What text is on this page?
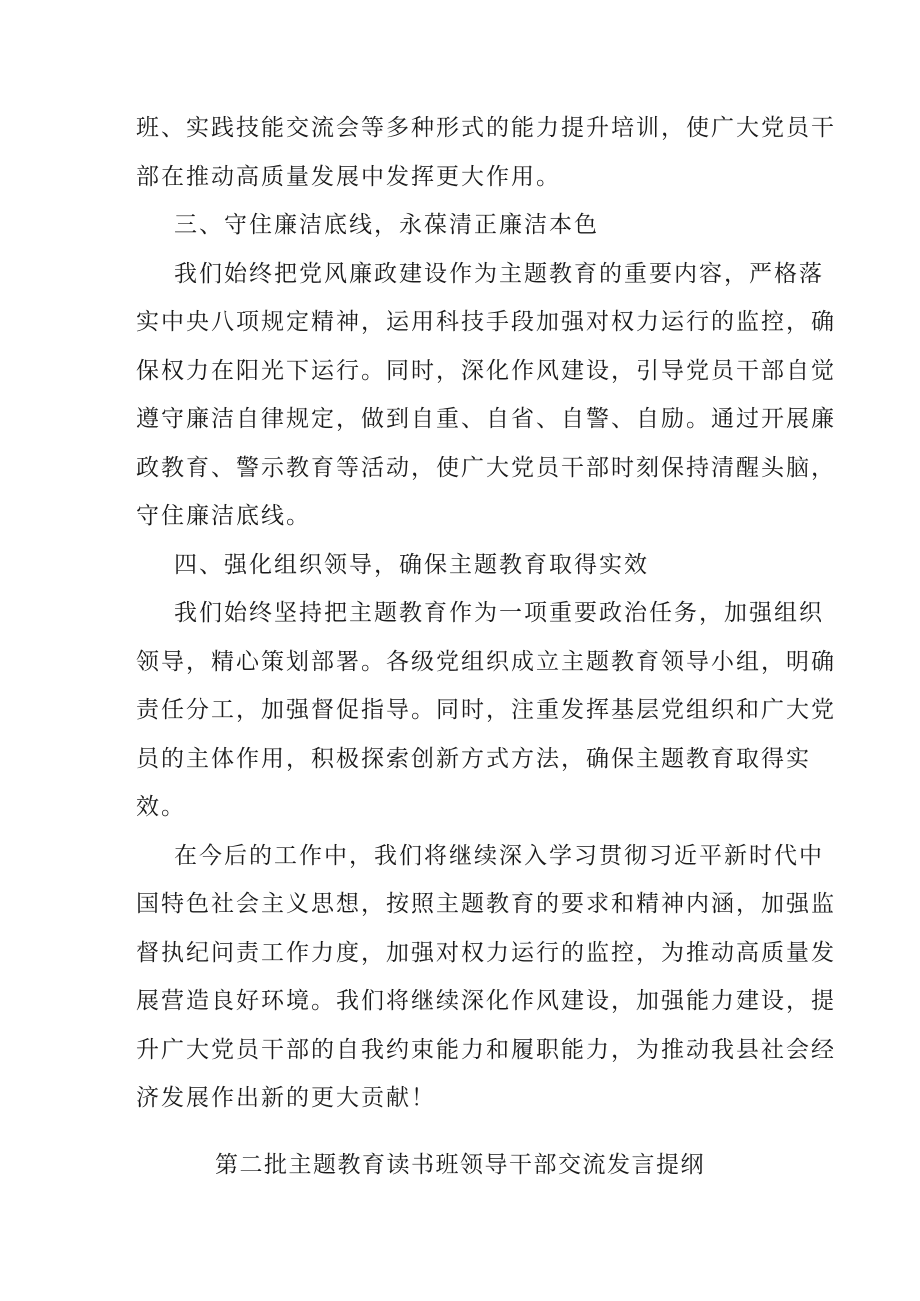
班、实践技能交流会等多种形式的能力提升培训，使广大党员干
部在推动高质量发展中发挥更大作用。
三、守住廉洁底线，永葆清正廉洁本色
我们始终把党风廉政建设作为主题教育的重要内容，严格落
实中央八项规定精神，运用科技手段加强对权力运行的监控，确
保权力在阳光下运行。同时，深化作风建设，引导党员干部自觉
遵守廉洁自律规定，做到自重、自省、自警、自励。通过开展廉
政教育、警示教育等活动，使广大党员干部时刻保持清醒头脑，
守住廉洁底线。
四、强化组织领导，确保主题教育取得实效
我们始终坚持把主题教育作为一项重要政治任务，加强组织
领导，精心策划部署。各级党组织成立主题教育领导小组，明确
责任分工，加强督促指导。同时，注重发挥基层党组织和广大党
员的主体作用，积极探索创新方式方法，确保主题教育取得实
效。
在今后的工作中，我们将继续深入学习贯彻习近平新时代中
国特色社会主义思想，按照主题教育的要求和精神内涵，加强监
督执纪问责工作力度，加强对权力运行的监控，为推动高质量发
展营造良好环境。我们将继续深化作风建设，加强能力建设，提
升广大党员干部的自我约束能力和履职能力，为推动我县社会经
济发展作出新的更大贡献！
第二批主题教育读书班领导干部交流发言提纲
